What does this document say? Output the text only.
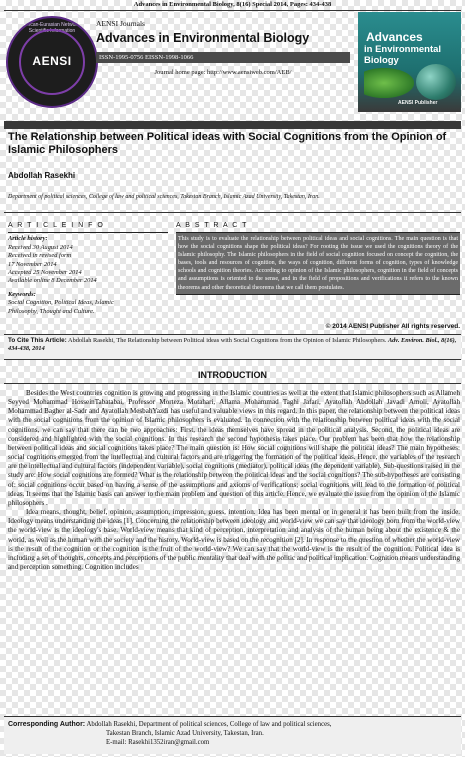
Advances in Environmental Biology, 8(16) Special 2014, Pages: 434-438
American-Eurasian Network for Scientific Information
AENSI
AENSI Journals
Advances in Environmental Biology
ISSN-1995-0756 EISSN-1998-1066
Journal home page: http://www.aensiweb.com/AEB/
Advances
in Environmental Biology
AENSI Publisher
The Relationship between Political ideas with Social Cognitions from the Opinion of Islamic Philosophers
Abdollah Rasekhi
Department of political sciences, College of law and political sciences, Takestan Branch, Islamic Azad University, Takestan, Iran.
A R T I C L E I N F O
Article history:
Received 30 August 2014
Received in revised form
17 November 2014
Accepted 25 November 2014
Available online 8 December 2014
Keywords:
Social Cognition, Political Ideas, Islamic Philosophy, Thought and Culture.
A B S T R A C T
This study is to evaluate the relationship between political ideas and social cognitions. The main question is that how the social cognitions shape the political ideas? For rooting the issue we used the cognitions theory of the Islamic philosophy. The Islamic philosophers in the field of social cognition focused on concept the cognition, the bases, tools and resources of cognition, the ways of cognition, different forms of cognition, types of knowledge schools and cognition theories. According to opinion of the Islamic philosophers, cognition in the field of concepts and assumptions is oriented to the sense, and in the field of propositions and verifications it refers to the known theorems and other theoretical theorems that we call them postulates.
© 2014 AENSI Publisher All rights reserved.
To Cite This Article: Abdollah Rasekhi, The Relationship between Political ideas with Social Cognitions from the Opinion of Islamic Philosophers. Adv. Environ. Biol., 8(16), 434-438, 2014
INTRODUCTION

Besides the West countries cognition is growing and progressing in the Islamic countries as well at the extent that Islamic philosophers such as Allameh Seyyed Mohammad HosseinTabatabai, Professor Morteza Motahari, Allama Mohammad Taghi Jafari, Ayatollah Abdollah Javadi Amoli, Ayatollah Mohammad Bagher al-Sadr and Ayatollah MesbahYazdi has useful and valuable views in this regard. In this paper, the relationship between the political ideas with the social cognitions from the opinion of Islamic philosophers is evaluated. In connection with the relationship between political ideas with the social cognitions, we can say that there can be two approaches: First, the ideas themselves have spread in the political analysis. Second, the political ideas are considered and highlighted with the social cognitions. In this research the second hypothesis takes place. Our problem has been that how the relationship between political ideas and social cognitions takes place? The main question is: How social cognitions will shape the political ideas? The main hypotheses: social cognitions emerged from the intellectual and cultural factors and are triggering the formation of the political ideas. Hence, the variables of the research are the intellectual and cultural factors (independent variable), social cognitions (mediator), political ideas (the dependent variable). Sub-questions raised in the study are: How social cognitions are formed? What is the relationship between the political ideas and the social cognitions? The sub-hypotheses are consisting of: social cognitions occur based on having a sense of the assumptions and axioms of verifications; social cognitions will lead to the formation of political ideas. It seems that the Islamic basis can answer to the main problem and question of this article. Hence, we evaluate the issue from the opinion of the Islamic philosophers .

Idea means, thought, belief, opinion, assumption, impression, guess, intention. Idea has been mental or in general it has been built from the inside. Ideology means understanding the ideas [1]. Concerning the relationship between ideology and world-view we can say that ideology born from the world-view the world-view is the ideology's base. World-view means that kind of perception, interpretation and analysis of the human being about the existence & the world, as well as the human with the society and the history. World-view is based on the recognition [2]. In response to the question of whether the world-view is the result of the cognition or the cognition is the fruit of the world-view? We can say that the world-view is the result of the cognition. Political idea is including a set of thoughts, concepts and perceptions of the public mentality that deal with the politic and political implication. Cognition means understanding and perception something. Cognition includes

Corresponding Author: Abdollah Rasekhi, Department of political sciences, College of law and political sciences,
Takestan Branch, Islamic Azad University, Takestan, Iran.
E-mail: Rasekhi1352iran@gmail.com
